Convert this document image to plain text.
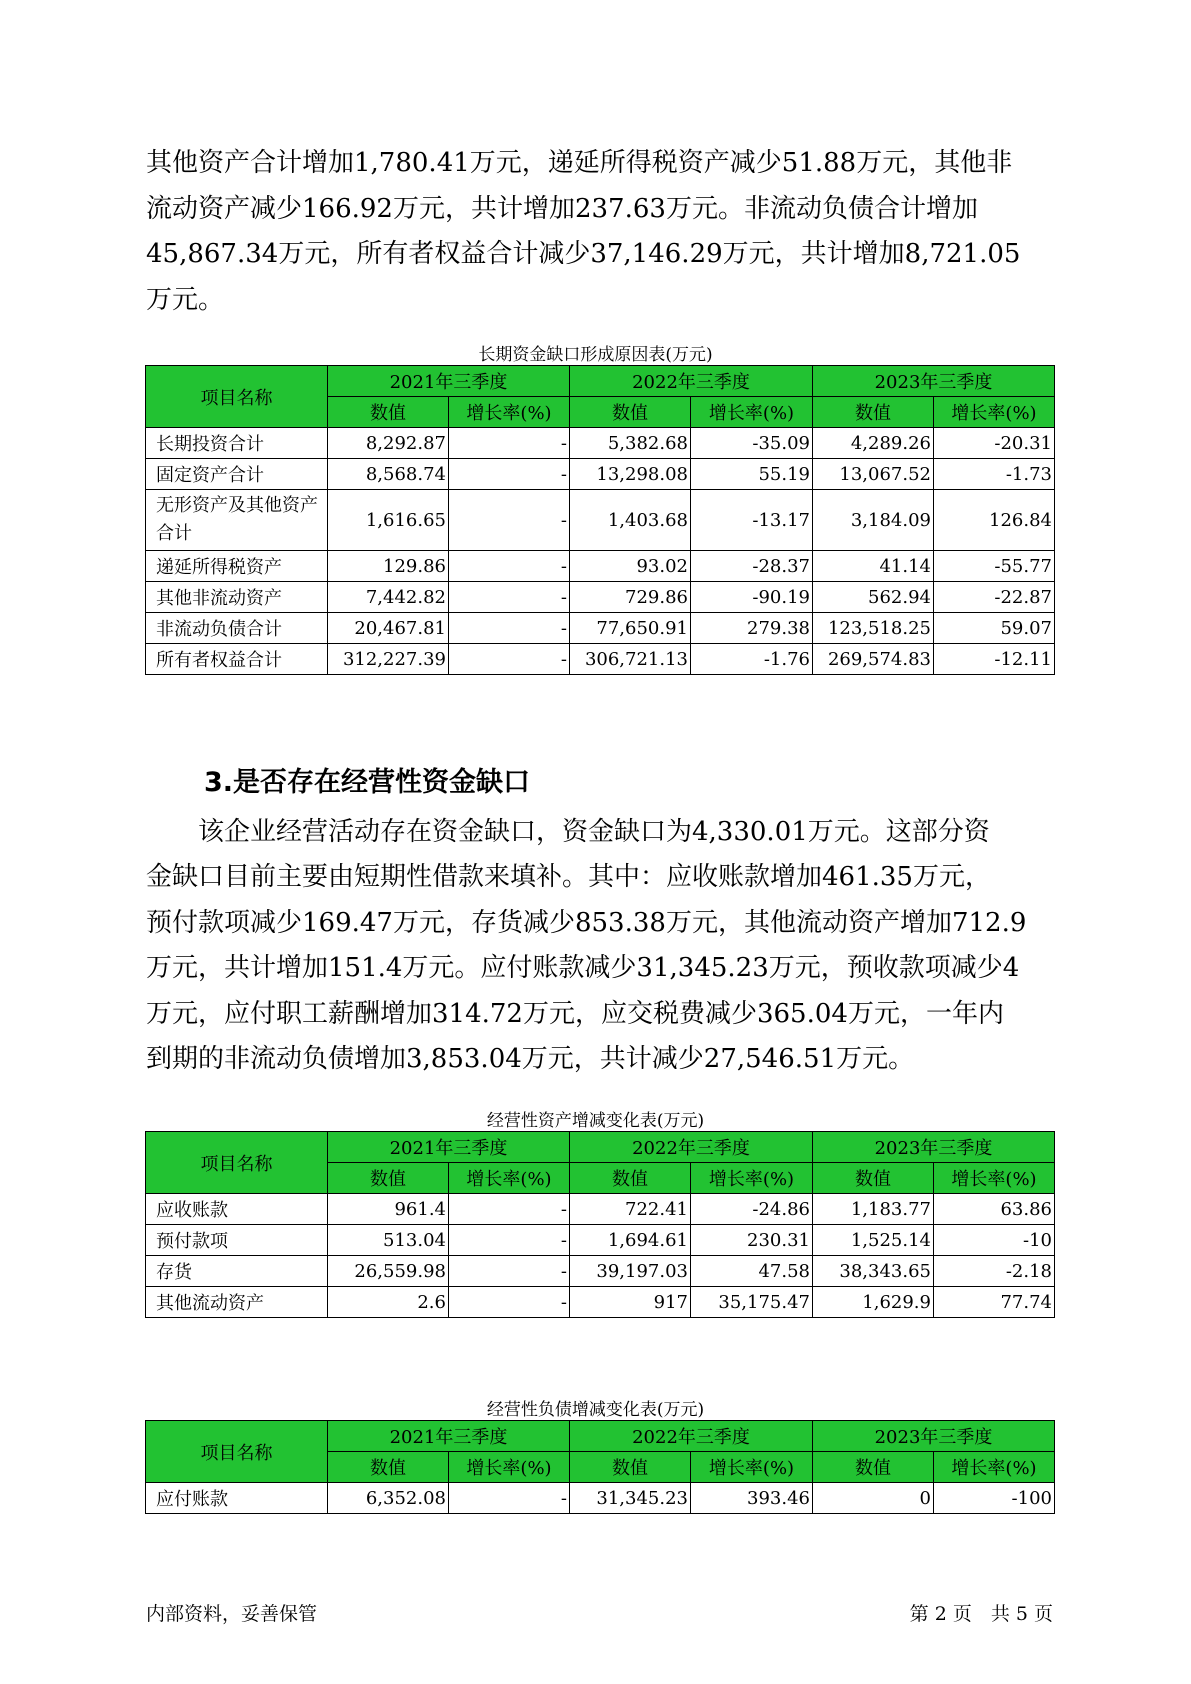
其他资产合计增加1,780.41万元，递延所得税资产减少51.88万元，其他非

流动资产减少166.92万元，共计增加237.63万元。非流动负债合计增加

45,867.34万元，所有者权益合计减少37,146.29万元，共计增加8,721.05

万元。

长期资金缺口形成原因表(万元)

项目名称	2021年三季度		2022年三季度		2023年三季度	
	数值	增长率(%)	数值	增长率(%)	数值	增长率(%)
长期投资合计	8,292.87	-	5,382.68	-35.09	4,289.26	-20.31
固定资产合计	8,568.74	-	13,298.08	55.19	13,067.52	-1.73
无形资产及其他资产合计	1,616.65	-	1,403.68	-13.17	3,184.09	126.84
递延所得税资产	129.86	-	93.02	-28.37	41.14	-55.77
其他非流动资产	7,442.82	-	729.86	-90.19	562.94	-22.87
非流动负债合计	20,467.81	-	77,650.91	279.38	123,518.25	59.07
所有者权益合计	312,227.39	-	306,721.13	-1.76	269,574.83	-12.11
3.是否存在经营性资金缺口

　　该企业经营活动存在资金缺口，资金缺口为4,330.01万元。这部分资

金缺口目前主要由短期性借款来填补。其中：应收账款增加461.35万元，

预付款项减少169.47万元，存货减少853.38万元，其他流动资产增加712.9

万元，共计增加151.4万元。应付账款减少31,345.23万元，预收款项减少4

万元，应付职工薪酬增加314.72万元，应交税费减少365.04万元，一年内

到期的非流动负债增加3,853.04万元，共计减少27,546.51万元。

经营性资产增减变化表(万元)

项目名称	2021年三季度		2022年三季度		2023年三季度	
	数值	增长率(%)	数值	增长率(%)	数值	增长率(%)
应收账款	961.4	-	722.41	-24.86	1,183.77	63.86
预付款项	513.04	-	1,694.61	230.31	1,525.14	-10
存货	26,559.98	-	39,197.03	47.58	38,343.65	-2.18
其他流动资产	2.6	-	917	35,175.47	1,629.9	77.74

经营性负债增减变化表(万元)

项目名称	2021年三季度		2022年三季度		2023年三季度	
	数值	增长率(%)	数值	增长率(%)	数值	增长率(%)
应付账款	6,352.08	-	31,345.23	393.46	0	-100
内部资料，妥善保管	第 2 页　共 5 页
